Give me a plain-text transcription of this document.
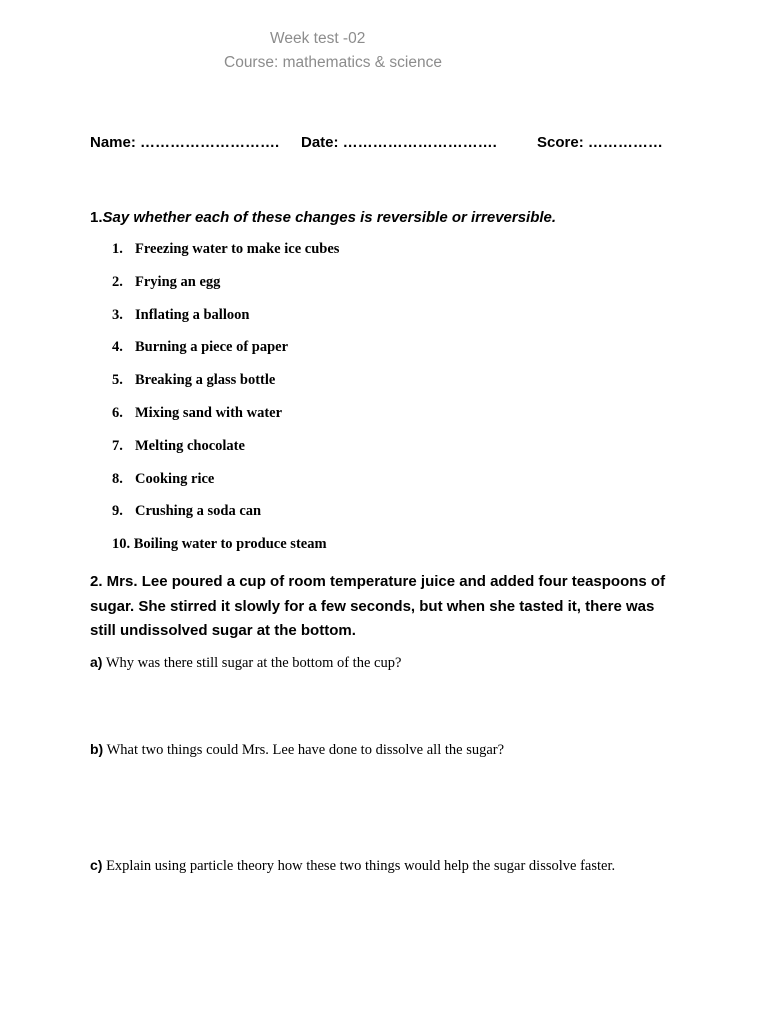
Week test -02
Course: mathematics & science
Name: ………………………. Date: ………………………….	Score: ……………
1.Say whether each of these changes is reversible or irreversible.
1. Freezing water to make ice cubes
2. Frying an egg
3. Inflating a balloon
4. Burning a piece of paper
5. Breaking a glass bottle
6. Mixing sand with water
7. Melting chocolate
8. Cooking rice
9. Crushing a soda can
10.
Boiling water to produce steam
2. Mrs. Lee poured a cup of room temperature juice and added four teaspoons of sugar. She stirred it slowly for a few seconds, but when she tasted it, there was still undissolved sugar at the bottom.
a) Why was there still sugar at the bottom of the cup?
b) What two things could Mrs. Lee have done to dissolve all the sugar?
c) Explain using particle theory how these two things would help the sugar dissolve faster.
